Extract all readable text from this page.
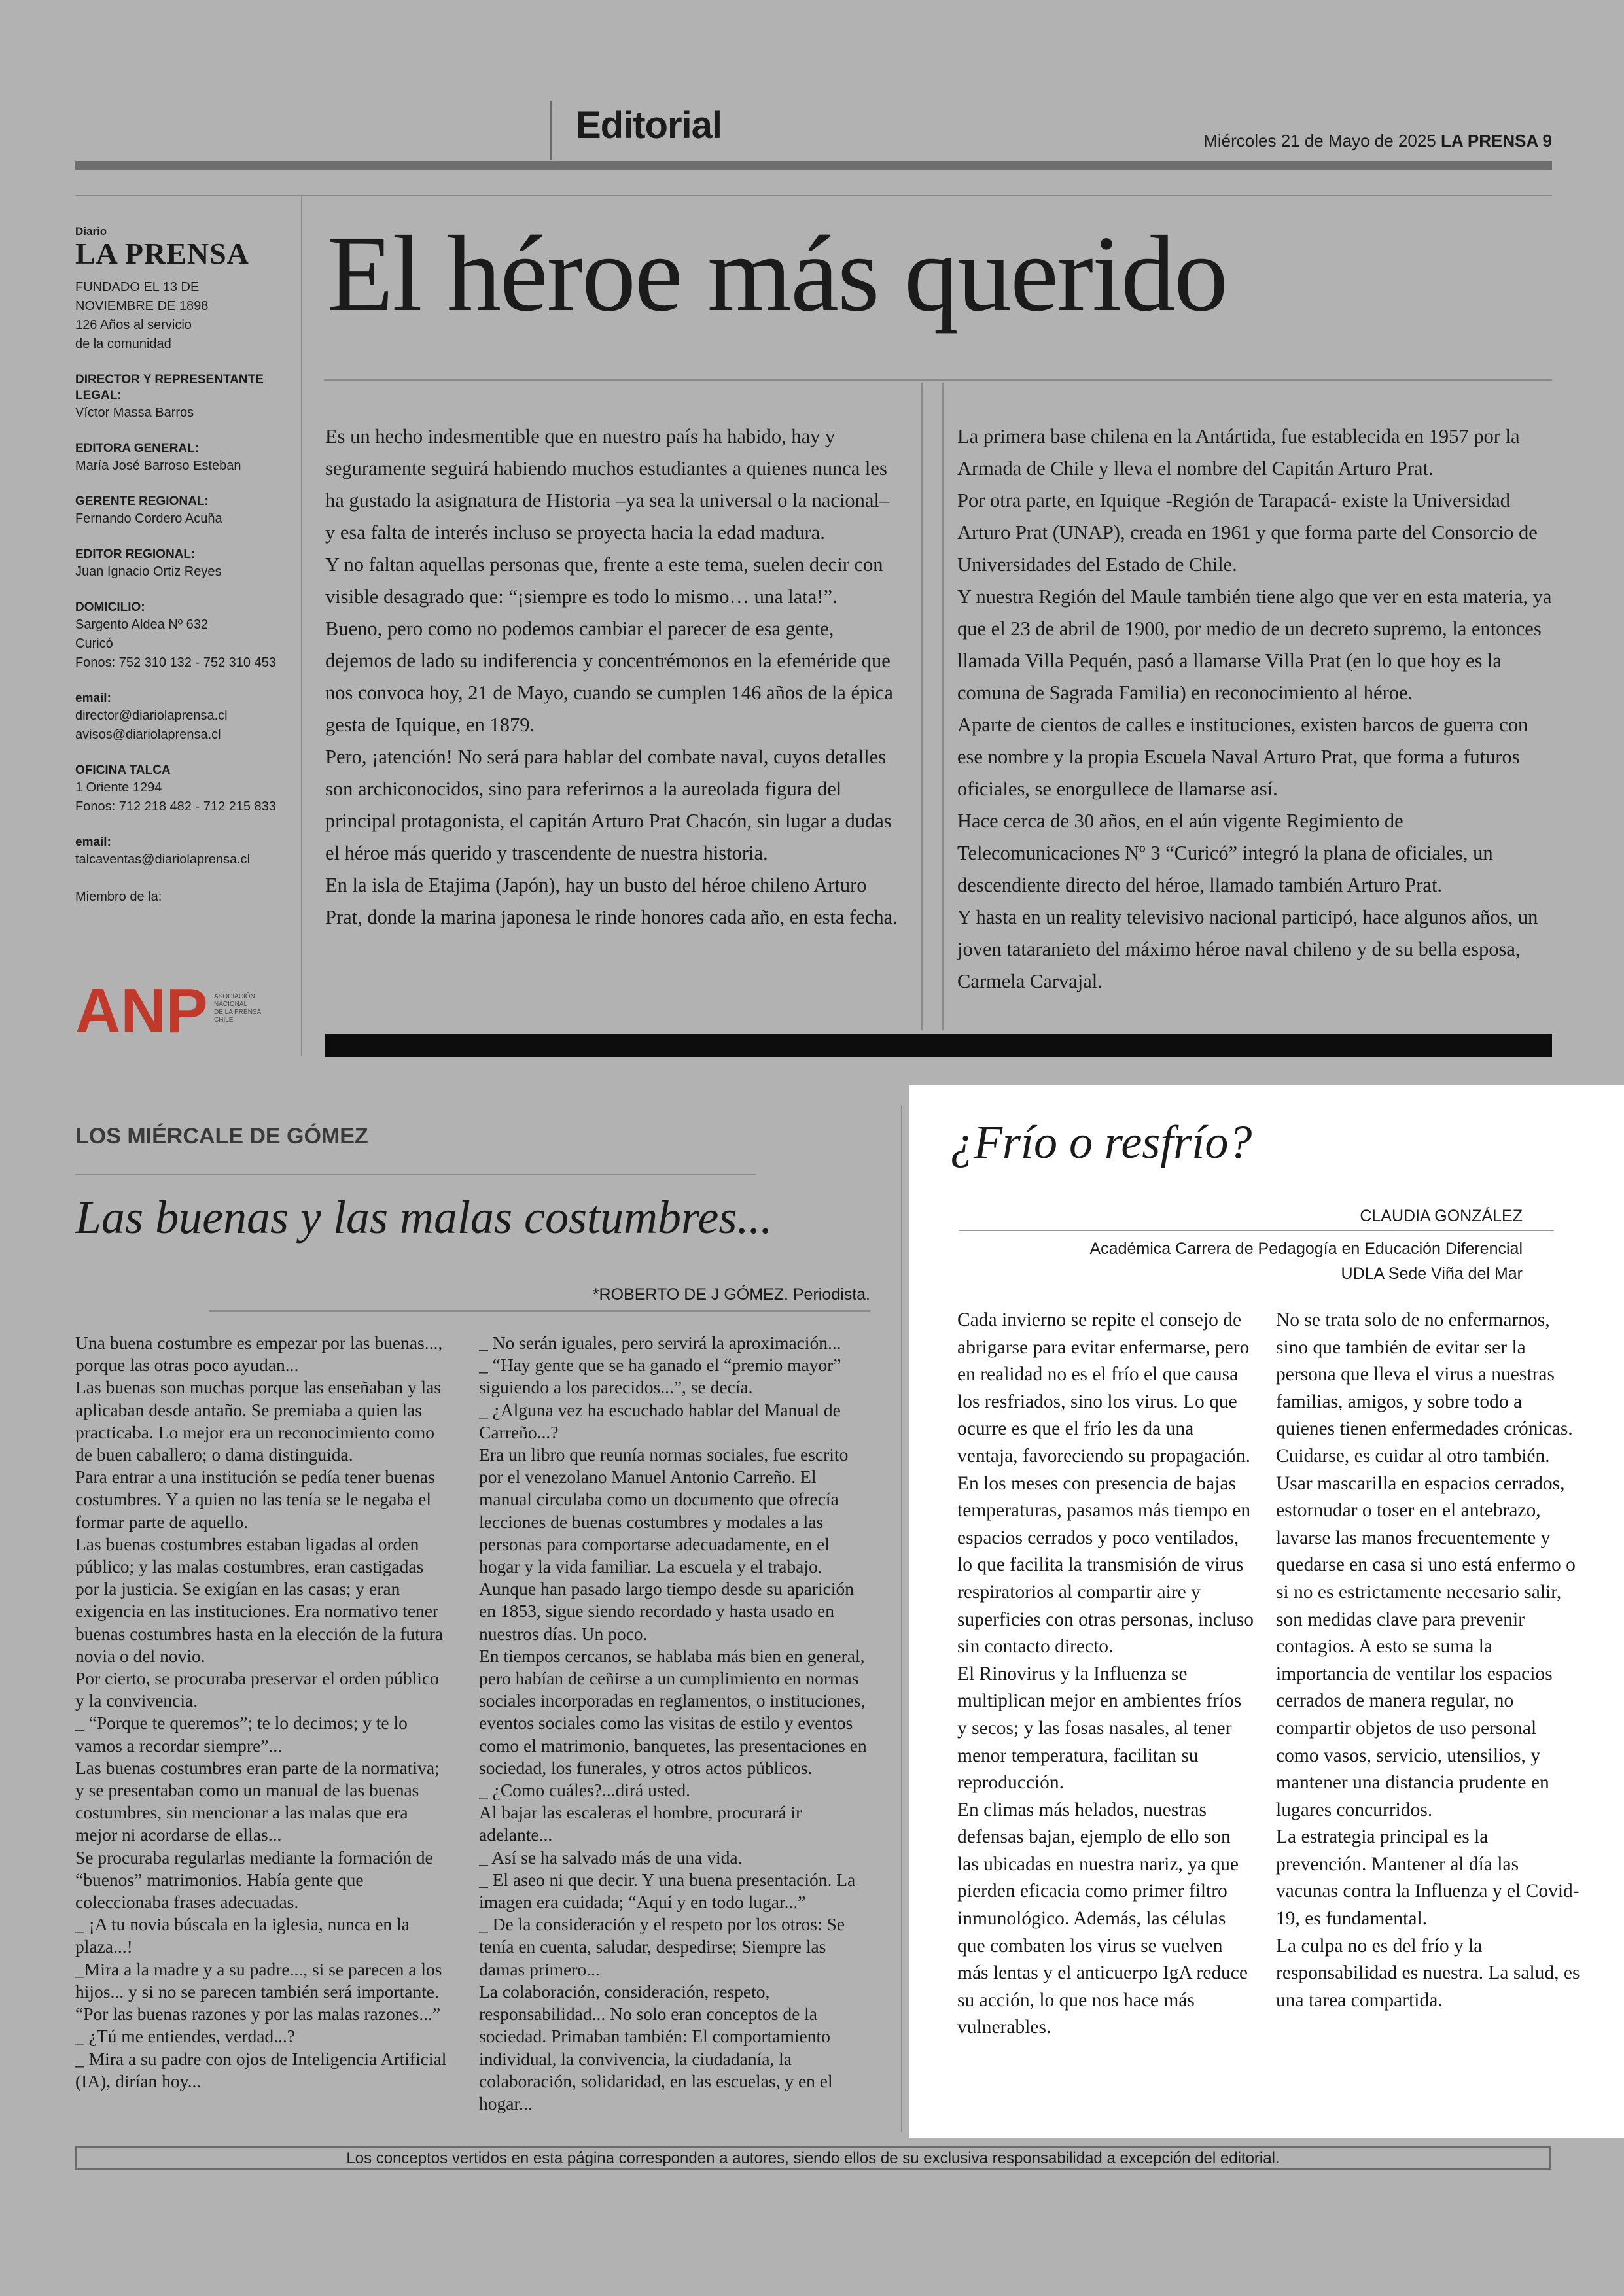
Editorial	Miércoles 21 de Mayo de 2025 LA PRENSA 9
Diario
LA PRENSA
FUNDADO EL 13 DE
NOVIEMBRE DE 1898
126 Años al servicio
de la comunidad
DIRECTOR Y REPRESENTANTE LEGAL:
Víctor Massa Barros
EDITORA GENERAL:
María José Barroso Esteban
GERENTE REGIONAL:
Fernando Cordero Acuña
EDITOR REGIONAL:
Juan Ignacio Ortiz Reyes
DOMICILIO:
Sargento Aldea Nº 632
Curicó
Fonos: 752 310 132 - 752 310 453
email:
director@diariolaprensa.cl
avisos@diariolaprensa.cl
OFICINA TALCA
1 Oriente 1294
Fonos: 712 218 482 - 712 215 833
email:
talcaventas@diariolaprensa.cl
Miembro de la:
ANP ASOCIACIÓN
NACIONAL
DE LA PRENSA
CHILE
El héroe más querido

Es un hecho indesmentible que en nuestro país ha habido, hay y seguramente seguirá habiendo muchos estudiantes a quienes nunca les ha gustado la asignatura de Historia –ya sea la universal o la nacional– y esa falta de interés incluso se proyecta hacia la edad madura.

Y no faltan aquellas personas que, frente a este tema, suelen decir con visible desagrado que: “¡siempre es todo lo mismo… una lata!”.

Bueno, pero como no podemos cambiar el parecer de esa gente, dejemos de lado su indiferencia y concentrémonos en la efeméride que nos convoca hoy, 21 de Mayo, cuando se cumplen 146 años de la épica gesta de Iquique, en 1879.

Pero, ¡atención! No será para hablar del combate naval, cuyos detalles son archiconocidos, sino para referirnos a la aureolada figura del principal protagonista, el capitán Arturo Prat Chacón, sin lugar a dudas el héroe más querido y trascendente de nuestra historia.

En la isla de Etajima (Japón), hay un busto del héroe chileno Arturo Prat, donde la marina japonesa le rinde honores cada año, en esta fecha.

La primera base chilena en la Antártida, fue establecida en 1957 por la Armada de Chile y lleva el nombre del Capitán Arturo Prat.

Por otra parte, en Iquique -Región de Tarapacá- existe la Universidad Arturo Prat (UNAP), creada en 1961 y que forma parte del Consorcio de Universidades del Estado de Chile.

Y nuestra Región del Maule también tiene algo que ver en esta materia, ya que el 23 de abril de 1900, por medio de un decreto supremo, la entonces llamada Villa Pequén, pasó a llamarse Villa Prat (en lo que hoy es la comuna de Sagrada Familia) en reconocimiento al héroe.

Aparte de cientos de calles e instituciones, existen barcos de guerra con ese nombre y la propia Escuela Naval Arturo Prat, que forma a futuros oficiales, se enorgullece de llamarse así.

Hace cerca de 30 años, en el aún vigente Regimiento de Telecomunicaciones Nº 3 “Curicó” integró la plana de oficiales, un descendiente directo del héroe, llamado también Arturo Prat.

Y hasta en un reality televisivo nacional participó, hace algunos años, un joven tataranieto del máximo héroe naval chileno y de su bella esposa, Carmela Carvajal.

LOS MIÉRCALE DE GÓMEZ
Las buenas y las malas costumbres...
*ROBERTO DE J GÓMEZ. Periodista.

Una buena costumbre es empezar por las buenas..., porque las otras poco ayudan...

Las buenas son muchas porque las enseñaban y las aplicaban desde antaño. Se premiaba a quien las practicaba. Lo mejor era un reconocimiento como de buen caballero; o dama distinguida.

Para entrar a una institución se pedía tener buenas costumbres. Y a quien no las tenía se le negaba el formar parte de aquello.

Las buenas costumbres estaban ligadas al orden público; y las malas costumbres, eran castigadas por la justicia. Se exigían en las casas; y eran exigencia en las instituciones. Era normativo tener buenas costumbres hasta en la elección de la futura novia o del novio.

Por cierto, se procuraba preservar el orden público y la convivencia.

_ “Porque te queremos”; te lo decimos; y te lo vamos a recordar siempre”...

Las buenas costumbres eran parte de la normativa; y se presentaban como un manual de las buenas costumbres, sin mencionar a las malas que era mejor ni acordarse de ellas...

Se procuraba regularlas mediante la formación de “buenos” matrimonios. Había gente que coleccionaba frases adecuadas.

_ ¡A tu novia búscala en la iglesia, nunca en la plaza...!

_Mira a la madre y a su padre..., si se parecen a los hijos... y si no se parecen también será importante. “Por las buenas razones y por las malas razones...”

_ ¿Tú me entiendes, verdad...?

_ Mira a su padre con ojos de Inteligencia Artificial (IA), dirían hoy...

_ No serán iguales, pero servirá la aproximación...

_ “Hay gente que se ha ganado el “premio mayor” siguiendo a los parecidos...”, se decía.

_ ¿Alguna vez ha escuchado hablar del Manual de Carreño...?

Era un libro que reunía normas sociales, fue escrito por el venezolano Manuel Antonio Carreño. El manual circulaba como un documento que ofrecía lecciones de buenas costumbres y modales a las personas para comportarse adecuadamente, en el hogar y la vida familiar. La escuela y el trabajo. Aunque han pasado largo tiempo desde su aparición en 1853, sigue siendo recordado y hasta usado en nuestros días. Un poco.

En tiempos cercanos, se hablaba más bien en general, pero habían de ceñirse a un cumplimiento en normas sociales incorporadas en reglamentos, o instituciones, eventos sociales como las visitas de estilo y eventos como el matrimonio, banquetes, las presentaciones en sociedad, los funerales, y otros actos públicos.

_ ¿Como cuáles?...dirá usted.

Al bajar las escaleras el hombre, procurará ir adelante...

_ Así se ha salvado más de una vida.

_ El aseo ni que decir. Y una buena presentación. La imagen era cuidada; “Aquí y en todo lugar...”

_ De la consideración y el respeto por los otros: Se tenía en cuenta, saludar, despedirse; Siempre las damas primero...

La colaboración, consideración, respeto, responsabilidad... No solo eran conceptos de la sociedad. Primaban también: El comportamiento individual, la convivencia, la ciudadanía, la colaboración, solidaridad, en las escuelas, y en el hogar...

¿Frío o resfrío?
CLAUDIA GONZÁLEZ
Académica Carrera de Pedagogía en Educación Diferencial
UDLA Sede Viña del Mar

Cada invierno se repite el consejo de abrigarse para evitar enfermarse, pero en realidad no es el frío el que causa los resfriados, sino los virus. Lo que ocurre es que el frío les da una ventaja, favoreciendo su propagación.

En los meses con presencia de bajas temperaturas, pasamos más tiempo en espacios cerrados y poco ventilados, lo que facilita la transmisión de virus respiratorios al compartir aire y superficies con otras personas, incluso sin contacto directo.

El Rinovirus y la Influenza se multiplican mejor en ambientes fríos y secos; y las fosas nasales, al tener menor temperatura, facilitan su reproducción.

En climas más helados, nuestras defensas bajan, ejemplo de ello son las ubicadas en nuestra nariz, ya que pierden eficacia como primer filtro inmunológico. Además, las células que combaten los virus se vuelven más lentas y el anticuerpo IgA reduce su acción, lo que nos hace más vulnerables.

No se trata solo de no enfermarnos, sino que también de evitar ser la persona que lleva el virus a nuestras familias, amigos, y sobre todo a quienes tienen enfermedades crónicas. Cuidarse, es cuidar al otro también.

Usar mascarilla en espacios cerrados, estornudar o toser en el antebrazo, lavarse las manos frecuentemente y quedarse en casa si uno está enfermo o si no es estrictamente necesario salir, son medidas clave para prevenir contagios. A esto se suma la importancia de ventilar los espacios cerrados de manera regular, no compartir objetos de uso personal como vasos, servicio, utensilios, y mantener una distancia prudente en lugares concurridos.

La estrategia principal es la prevención. Mantener al día las vacunas contra la Influenza y el Covid-19, es fundamental.

La culpa no es del frío y la responsabilidad es nuestra. La salud, es una tarea compartida.

Los conceptos vertidos en esta página corresponden a autores, siendo ellos de su exclusiva responsabilidad a excepción del editorial.
